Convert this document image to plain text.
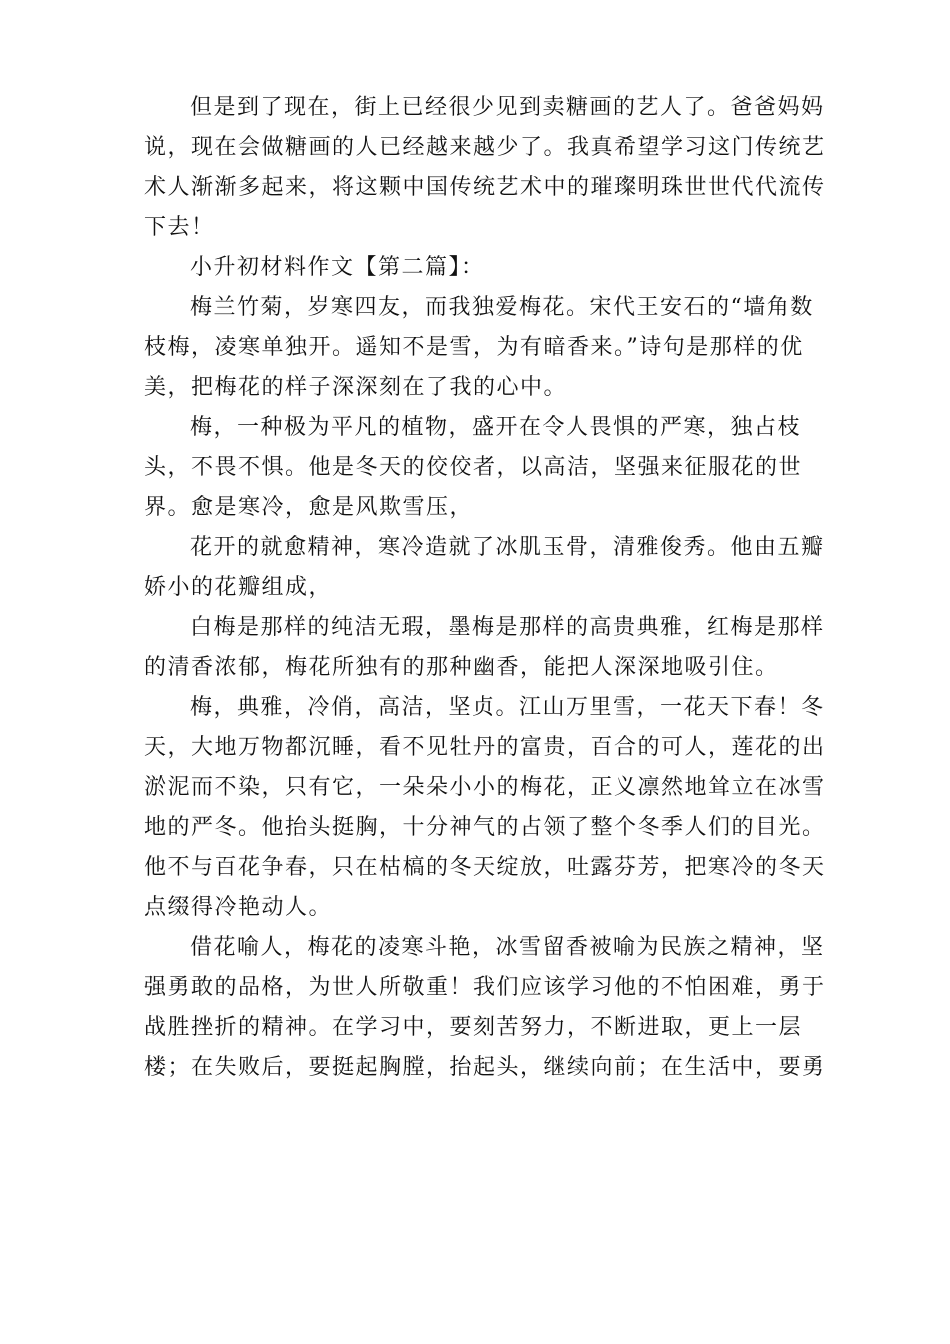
但是到了现在，街上已经很少见到卖糖画的艺人了。爸爸妈妈
说，现在会做糖画的人已经越来越少了。我真希望学习这门传统艺
术人渐渐多起来，将这颗中国传统艺术中的璀璨明珠世世代代流传
下去！

小升初材料作文【第二篇】：

梅兰竹菊，岁寒四友，而我独爱梅花。宋代王安石的“墙角数
枝梅，凌寒单独开。遥知不是雪，为有暗香来。”诗句是那样的优
美，把梅花的样子深深刻在了我的心中。

梅，一种极为平凡的植物，盛开在令人畏惧的严寒，独占枝
头，不畏不惧。他是冬天的佼佼者，以高洁，坚强来征服花的世
界。愈是寒冷，愈是风欺雪压，

花开的就愈精神，寒冷造就了冰肌玉骨，清雅俊秀。他由五瓣
娇小的花瓣组成，

白梅是那样的纯洁无瑕，墨梅是那样的高贵典雅，红梅是那样
的清香浓郁，梅花所独有的那种幽香，能把人深深地吸引住。

梅，典雅，冷俏，高洁，坚贞。江山万里雪，一花天下春！冬
天，大地万物都沉睡，看不见牡丹的富贵，百合的可人，莲花的出
淤泥而不染，只有它，一朵朵小小的梅花，正义凛然地耸立在冰雪
地的严冬。他抬头挺胸，十分神气的占领了整个冬季人们的目光。
他不与百花争春，只在枯槁的冬天绽放，吐露芬芳，把寒冷的冬天
点缀得冷艳动人。

借花喻人，梅花的凌寒斗艳，冰雪留香被喻为民族之精神，坚
强勇敢的品格，为世人所敬重！我们应该学习他的不怕困难，勇于
战胜挫折的精神。在学习中，要刻苦努力，不断进取，更上一层
楼；在失败后，要挺起胸膛，抬起头，继续向前；在生活中，要勇
